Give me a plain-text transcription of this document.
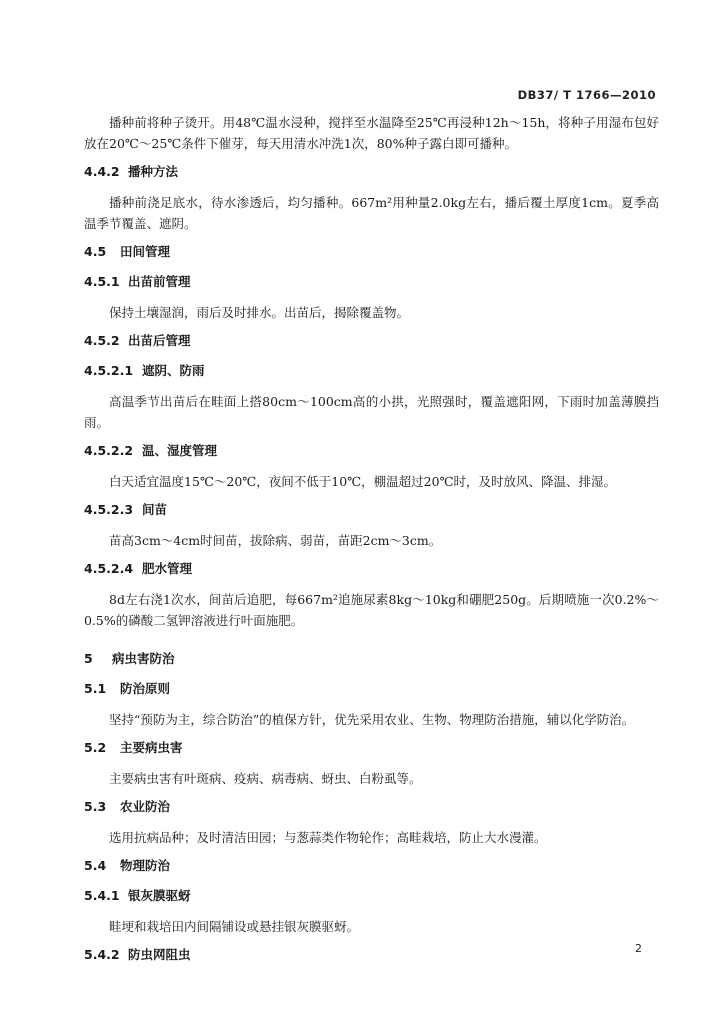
DB37/ T 1766—2010

播种前将种子烫开。用48℃温水浸种，搅拌至水温降至25℃再浸种12h～15h，将种子用湿布包好放在20℃～25℃条件下催芽，每天用清水冲洗1次，80%种子露白即可播种。

4.4.2 播种方法

播种前浇足底水，待水渗透后，均匀播种。667m²用种量2.0kg左右，播后覆土厚度1cm。夏季高温季节覆盖、遮阴。

4.5 田间管理
4.5.1 出苗前管理

保持土壤湿润，雨后及时排水。出苗后，揭除覆盖物。

4.5.2 出苗后管理
4.5.2.1 遮阴、防雨

高温季节出苗后在畦面上搭80cm～100cm高的小拱，光照强时，覆盖遮阳网，下雨时加盖薄膜挡雨。

4.5.2.2 温、湿度管理

白天适宜温度15℃～20℃，夜间不低于10℃，棚温超过20℃时，及时放风、降温、排湿。

4.5.2.3 间苗

苗高3cm～4cm时间苗，拔除病、弱苗，苗距2cm～3cm。

4.5.2.4 肥水管理

8d左右浇1次水，间苗后追肥，每667m²追施尿素8kg～10kg和硼肥250g。后期喷施一次0.2%～0.5%的磷酸二氢钾溶液进行叶面施肥。

5 病虫害防治
5.1 防治原则

坚持“预防为主，综合防治”的植保方针，优先采用农业、生物、物理防治措施，辅以化学防治。

5.2 主要病虫害

主要病虫害有叶斑病、疫病、病毒病、蚜虫、白粉虱等。

5.3 农业防治

选用抗病品种；及时清洁田园；与葱蒜类作物轮作；高畦栽培，防止大水漫灌。

5.4 物理防治
5.4.1 银灰膜驱蚜

畦埂和栽培田内间隔铺设或悬挂银灰膜驱蚜。

5.4.2 防虫网阻虫	2
